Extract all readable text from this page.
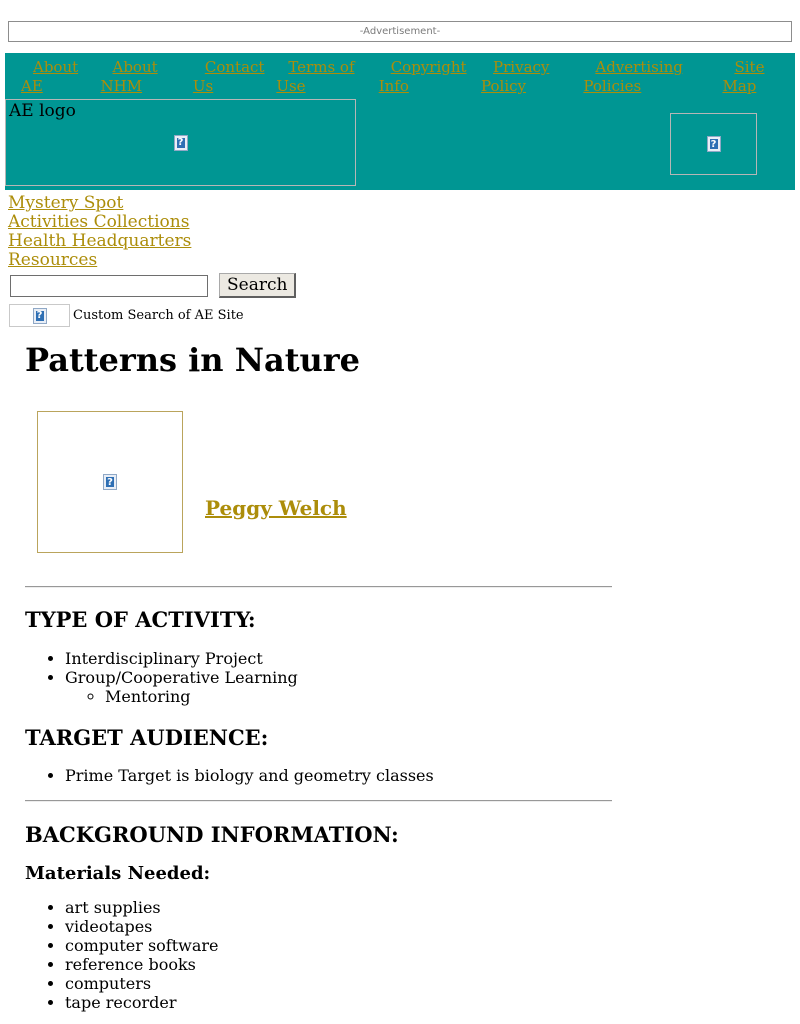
-Advertisement-
About
AE
About
NHM
Contact
Us
Terms of
Use
Copyright
Info
Privacy
Policy
Advertising
Policies
Site
Map
AE logo
?	?
Mystery Spot
Activities Collections
Health Headquarters
Resources
Search
? Custom Search of AE Site
Patterns in Nature
?
Peggy Welch
TYPE OF ACTIVITY:
• Interdisciplinary Project
• Group/Cooperative Learning
◦ Mentoring
TARGET AUDIENCE:
• Prime Target is biology and geometry classes
BACKGROUND INFORMATION:
Materials Needed:
• art supplies
• videotapes
• computer software
• reference books
• computers
• tape recorder
